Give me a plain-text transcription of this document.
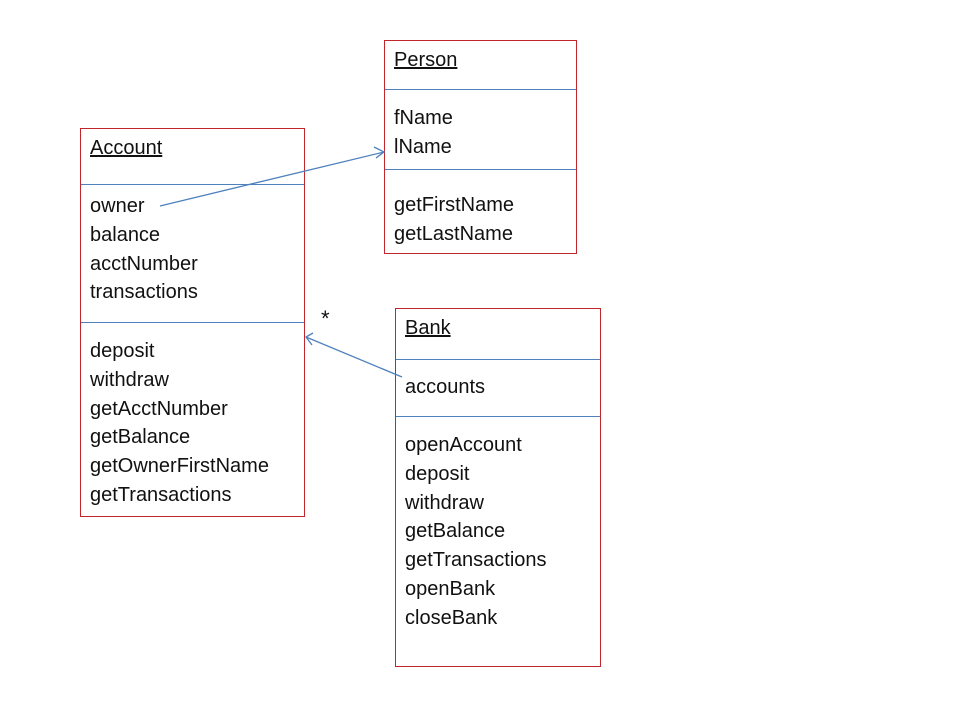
Person
fName
lName
getFirstName
getLastName
Account
owner
balance
acctNumber
transactions
deposit
withdraw
getAcctNumber
getBalance
getOwnerFirstName
getTransactions
Bank
accounts
openAccount
deposit
withdraw
getBalance
getTransactions
openBank
closeBank
*
